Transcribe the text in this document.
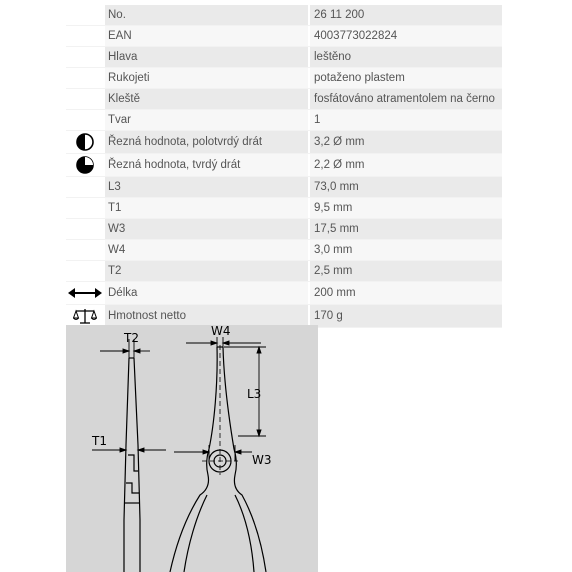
No.	26 11 200
EAN	4003773022824
Hlava	leštěno
Rukojeti	potaženo plastem
Kleště	fosfátováno atramentolem na černo
Tvar	1
Řezná hodnota, polotvrdý drát	3,2 Ø mm
Řezná hodnota, tvrdý drát	2,2 Ø mm
L3	73,0 mm
T1	9,5 mm
W3	17,5 mm
W4	3,0 mm
T2	2,5 mm
Délka	200 mm
Hmotnost netto	170 g
T2	W4
L3
T1
W3
